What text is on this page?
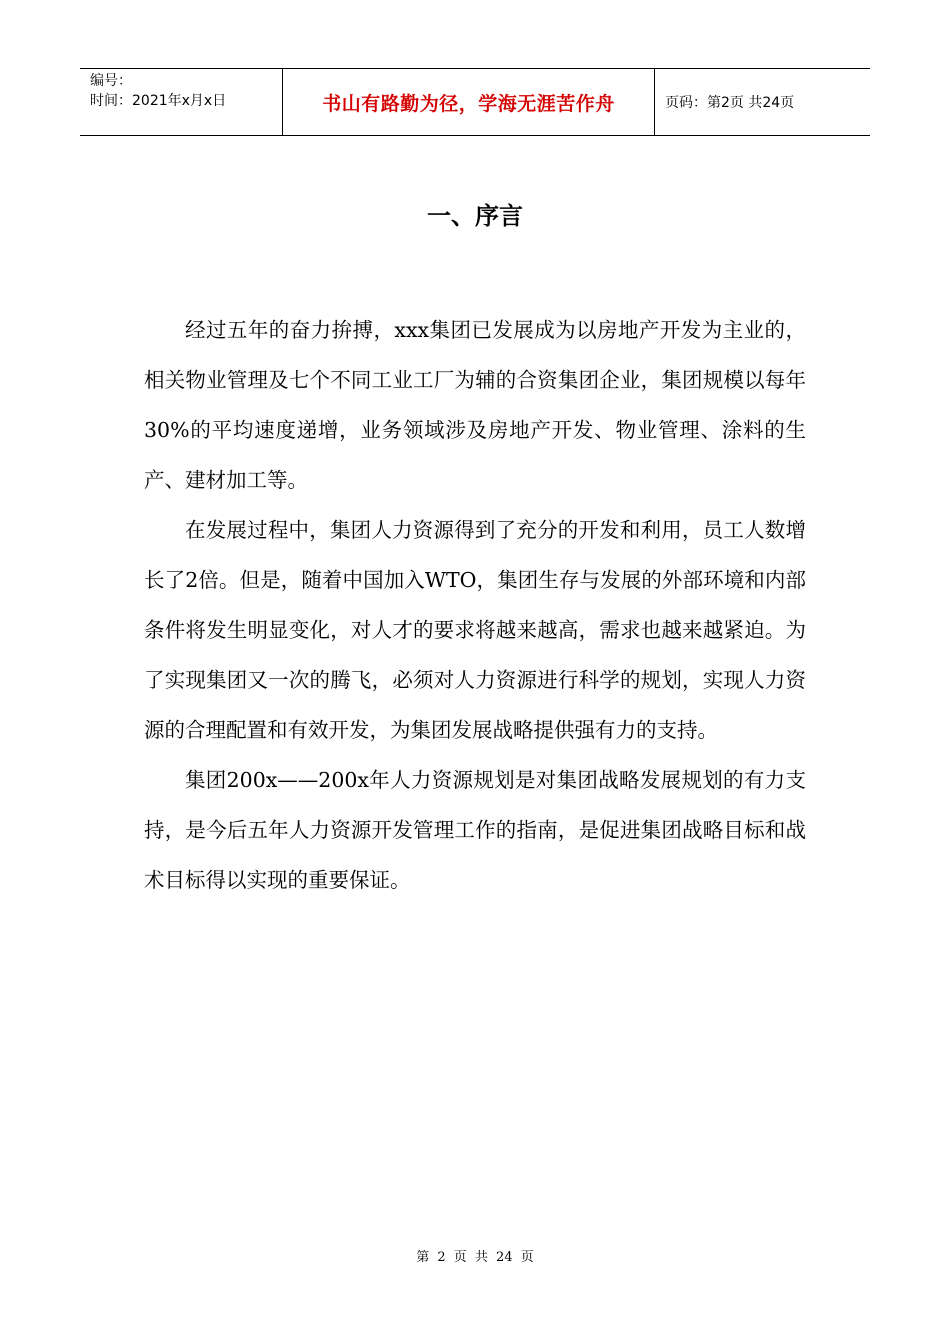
编号：
时间：2021年x月x日	书山有路勤为径，学海无涯苦作舟	页码：第2页 共24页
一、序言

经过五年的奋力拚搏，xxx集团已发展成为以房地产开发为主业的，相关物业管理及七个不同工业工厂为辅的合资集团企业，集团规模以每年30%的平均速度递增，业务领域涉及房地产开发、物业管理、涂料的生产、建材加工等。

在发展过程中，集团人力资源得到了充分的开发和利用，员工人数增长了2倍。但是，随着中国加入WTO，集团生存与发展的外部环境和内部条件将发生明显变化，对人才的要求将越来越高，需求也越来越紧迫。为了实现集团又一次的腾飞，必须对人力资源进行科学的规划，实现人力资源的合理配置和有效开发，为集团发展战略提供强有力的支持。

集团200x——200x年人力资源规划是对集团战略发展规划的有力支持，是今后五年人力资源开发管理工作的指南，是促进集团战略目标和战术目标得以实现的重要保证。

第 2 页 共 24 页
